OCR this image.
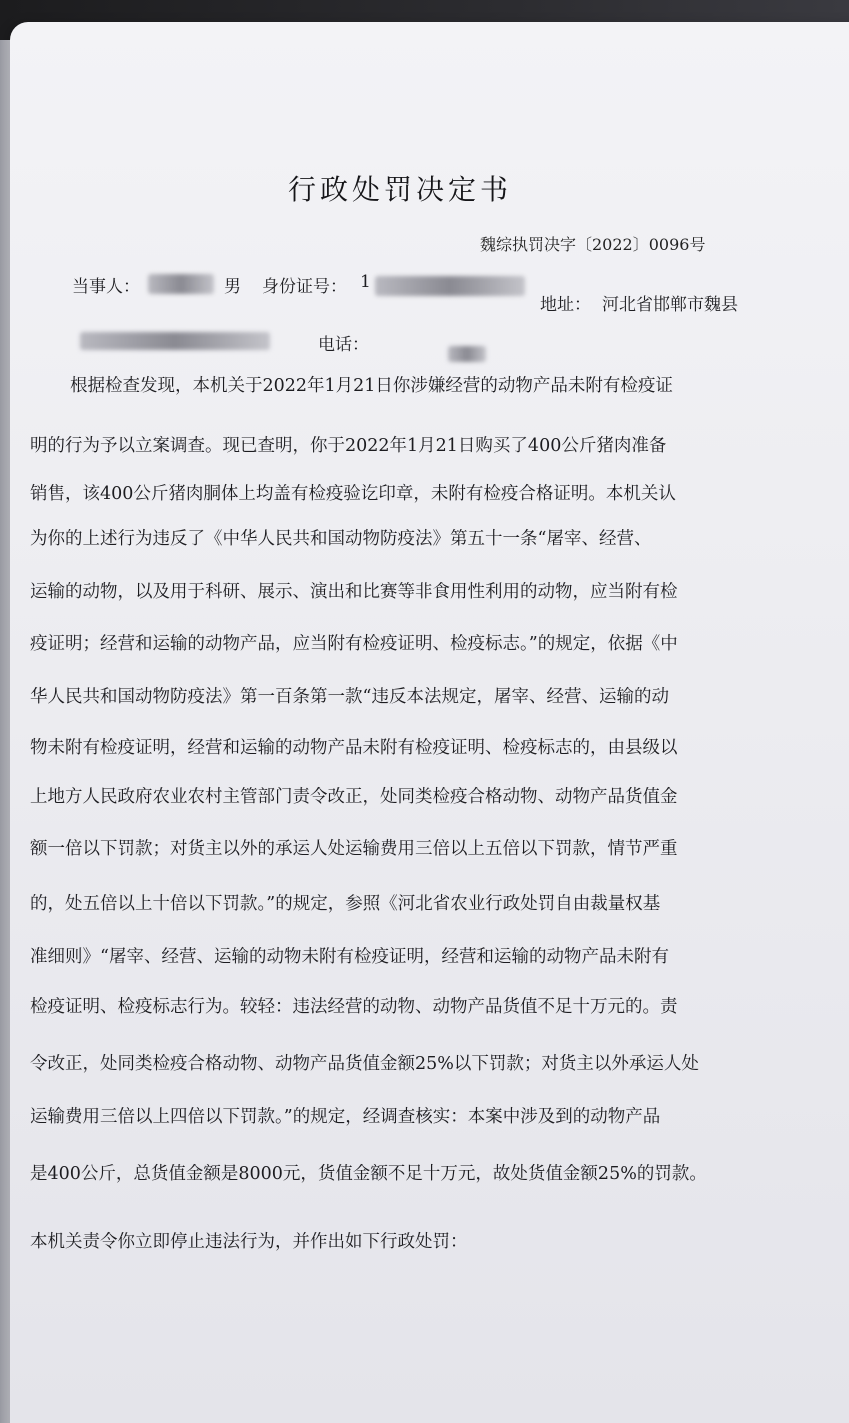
行政处罚决定书
魏综执罚决字〔2022〕0096号
当事人：	男 身份证号： 1
地址： 河北省邯郸市魏县
电话：
根据检查发现，本机关于2022年1月21日你涉嫌经营的动物产品未附有检疫证
明的行为予以立案调查。现已查明，你于2022年1月21日购买了400公斤猪肉准备
销售，该400公斤猪肉胴体上均盖有检疫验讫印章，未附有检疫合格证明。本机关认
为你的上述行为违反了《中华人民共和国动物防疫法》第五十一条“屠宰、经营、
运输的动物，以及用于科研、展示、演出和比赛等非食用性利用的动物，应当附有检
疫证明；经营和运输的动物产品，应当附有检疫证明、检疫标志。”的规定，依据《中
华人民共和国动物防疫法》第一百条第一款“违反本法规定，屠宰、经营、运输的动
物未附有检疫证明，经营和运输的动物产品未附有检疫证明、检疫标志的，由县级以
上地方人民政府农业农村主管部门责令改正，处同类检疫合格动物、动物产品货值金
额一倍以下罚款；对货主以外的承运人处运输费用三倍以上五倍以下罚款，情节严重
的，处五倍以上十倍以下罚款。”的规定，参照《河北省农业行政处罚自由裁量权基
准细则》“屠宰、经营、运输的动物未附有检疫证明，经营和运输的动物产品未附有
检疫证明、检疫标志行为。较轻：违法经营的动物、动物产品货值不足十万元的。责
令改正，处同类检疫合格动物、动物产品货值金额25%以下罚款；对货主以外承运人处
运输费用三倍以上四倍以下罚款。”的规定，经调查核实：本案中涉及到的动物产品
是400公斤，总货值金额是8000元，货值金额不足十万元，故处货值金额25%的罚款。
本机关责令你立即停止违法行为，并作出如下行政处罚：
